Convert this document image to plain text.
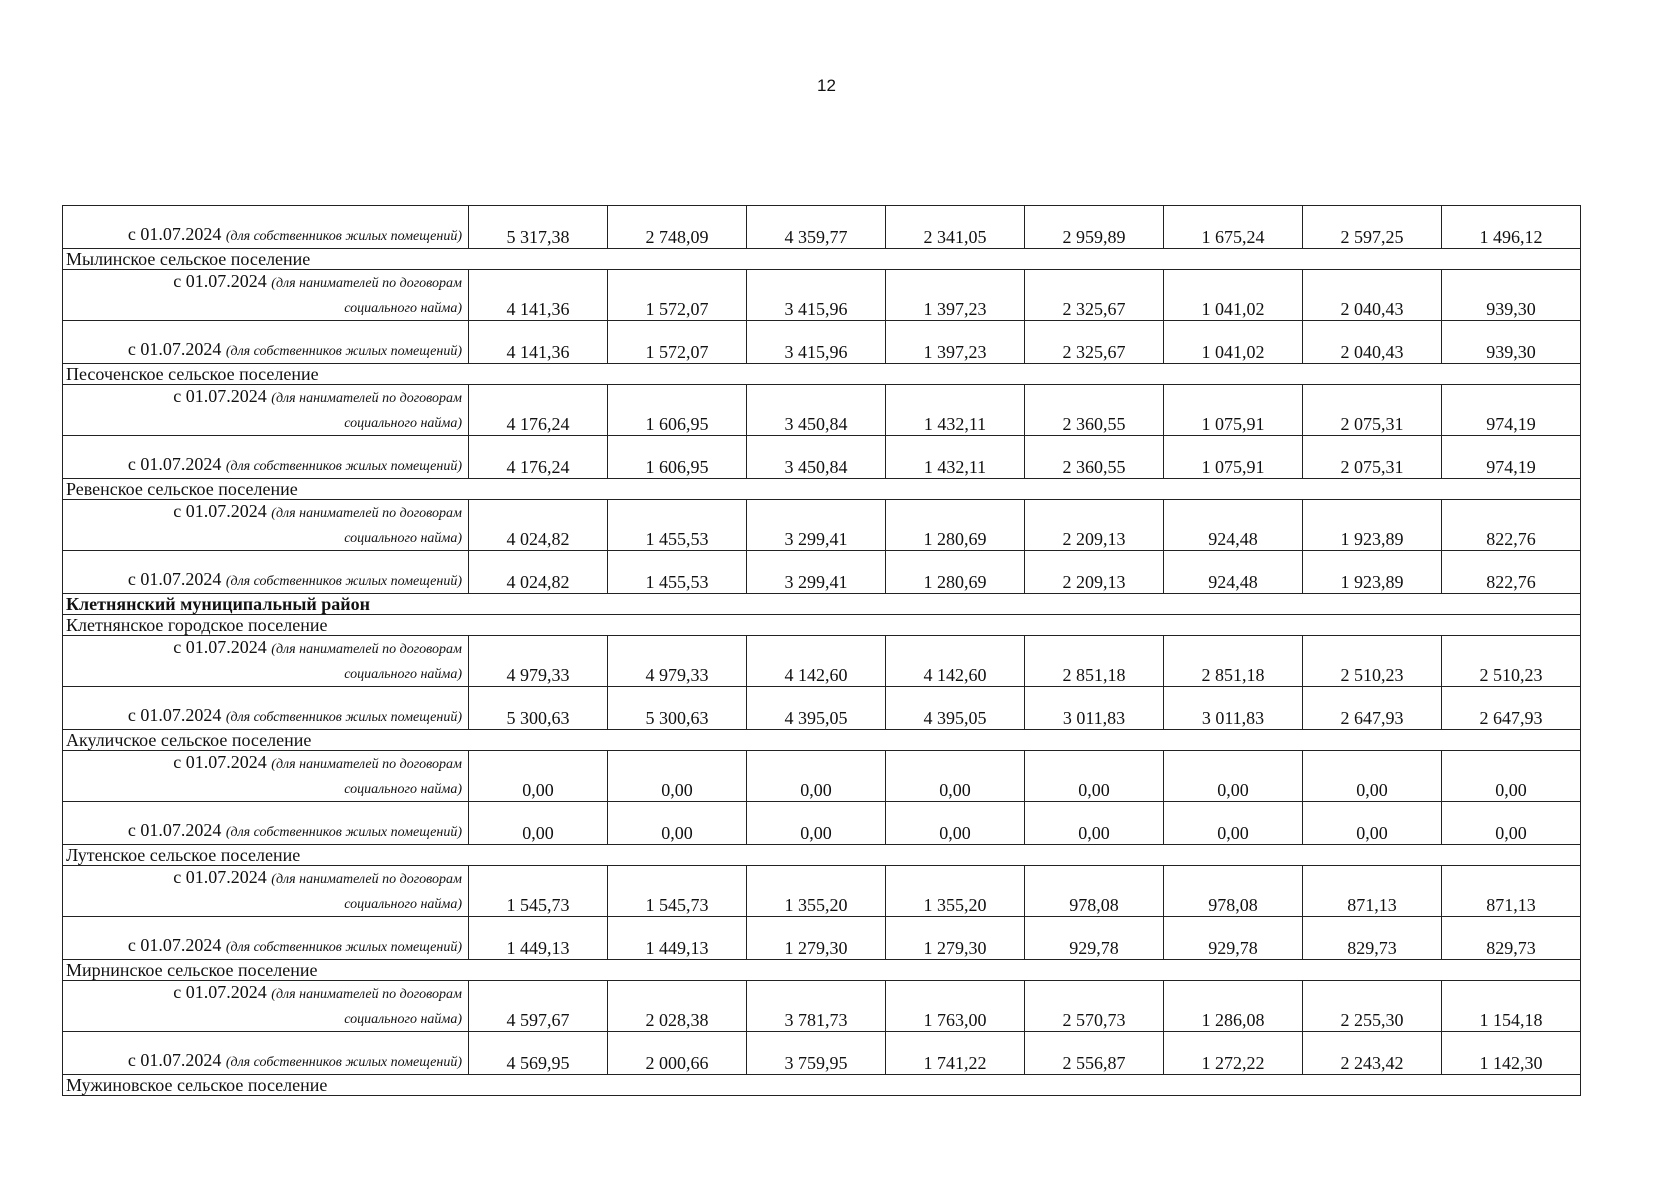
12
с 01.07.2024 (для собственников жилых помещений)	5 317,38	2 748,09	4 359,77	2 341,05	2 959,89	1 675,24	2 597,25	1 496,12
Мылинское сельское поселение								
с 01.07.2024 (для нанимателей по договорам
социального найма)	4 141,36	1 572,07	3 415,96	1 397,23	2 325,67	1 041,02	2 040,43	939,30
с 01.07.2024 (для собственников жилых помещений)	4 141,36	1 572,07	3 415,96	1 397,23	2 325,67	1 041,02	2 040,43	939,30
Песоченское сельское поселение								
с 01.07.2024 (для нанимателей по договорам
социального найма)	4 176,24	1 606,95	3 450,84	1 432,11	2 360,55	1 075,91	2 075,31	974,19
с 01.07.2024 (для собственников жилых помещений)	4 176,24	1 606,95	3 450,84	1 432,11	2 360,55	1 075,91	2 075,31	974,19
Ревенское сельское поселение								
с 01.07.2024 (для нанимателей по договорам
социального найма)	4 024,82	1 455,53	3 299,41	1 280,69	2 209,13	924,48	1 923,89	822,76
с 01.07.2024 (для собственников жилых помещений)	4 024,82	1 455,53	3 299,41	1 280,69	2 209,13	924,48	1 923,89	822,76
Клетнянский муниципальный район								
Клетнянское городское поселение								
с 01.07.2024 (для нанимателей по договорам
социального найма)	4 979,33	4 979,33	4 142,60	4 142,60	2 851,18	2 851,18	2 510,23	2 510,23
с 01.07.2024 (для собственников жилых помещений)	5 300,63	5 300,63	4 395,05	4 395,05	3 011,83	3 011,83	2 647,93	2 647,93
Акуличское сельское поселение								
с 01.07.2024 (для нанимателей по договорам
социального найма)	0,00	0,00	0,00	0,00	0,00	0,00	0,00	0,00
с 01.07.2024 (для собственников жилых помещений)	0,00	0,00	0,00	0,00	0,00	0,00	0,00	0,00
Лутенское сельское поселение								
с 01.07.2024 (для нанимателей по договорам
социального найма)	1 545,73	1 545,73	1 355,20	1 355,20	978,08	978,08	871,13	871,13
с 01.07.2024 (для собственников жилых помещений)	1 449,13	1 449,13	1 279,30	1 279,30	929,78	929,78	829,73	829,73
Мирнинское сельское поселение								
с 01.07.2024 (для нанимателей по договорам
социального найма)	4 597,67	2 028,38	3 781,73	1 763,00	2 570,73	1 286,08	2 255,30	1 154,18
с 01.07.2024 (для собственников жилых помещений)	4 569,95	2 000,66	3 759,95	1 741,22	2 556,87	1 272,22	2 243,42	1 142,30
Мужиновское сельское поселение								
